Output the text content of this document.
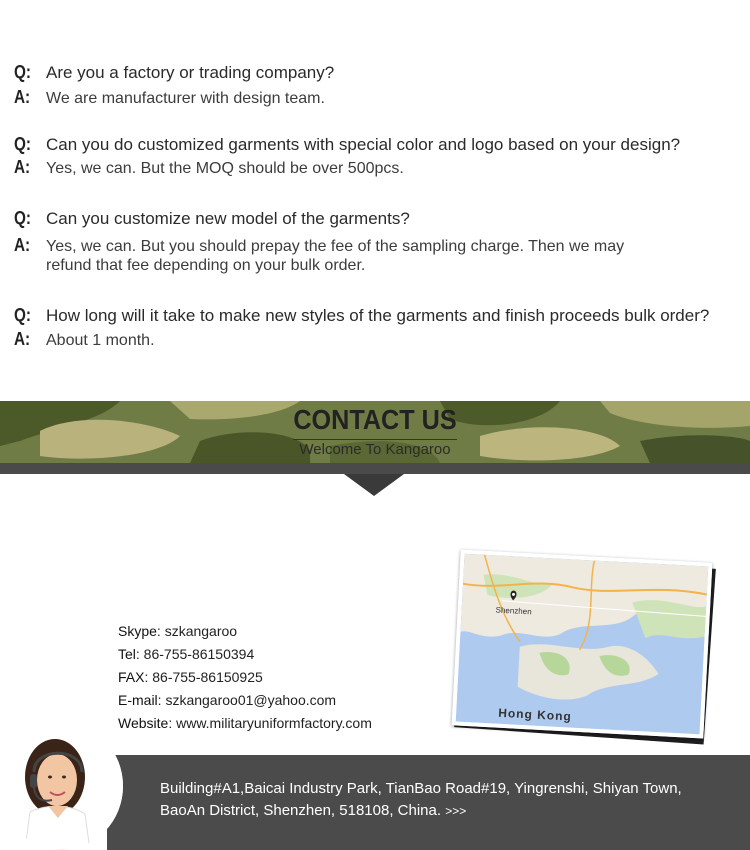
Q: Are you a factory or trading company?
A: We are manufacturer with design team.
Q: Can you do customized garments with special color and logo based on your design?
A: Yes, we can. But the MOQ should be over 500pcs.
Q: Can you customize new model of the garments?
A: Yes, we can. But you should prepay the fee of the sampling charge. Then we may refund that fee depending on your bulk order.
Q: How long will it take to make new styles of the garments and finish proceeds bulk order?
A: About 1 month.
CONTACT US
Welcome To Kangaroo
Skype: szkangaroo
Tel: 86-755-86150394
FAX: 86-755-86150925
E-mail: szkangaroo01@yahoo.com
Website: www.militaryuniformfactory.com
Shenzhen
Hong Kong
Building#A1,Baicai Industry Park, TianBao Road#19, Yingrenshi, Shiyan Town, BaoAn District, Shenzhen, 518108, China. >>>
